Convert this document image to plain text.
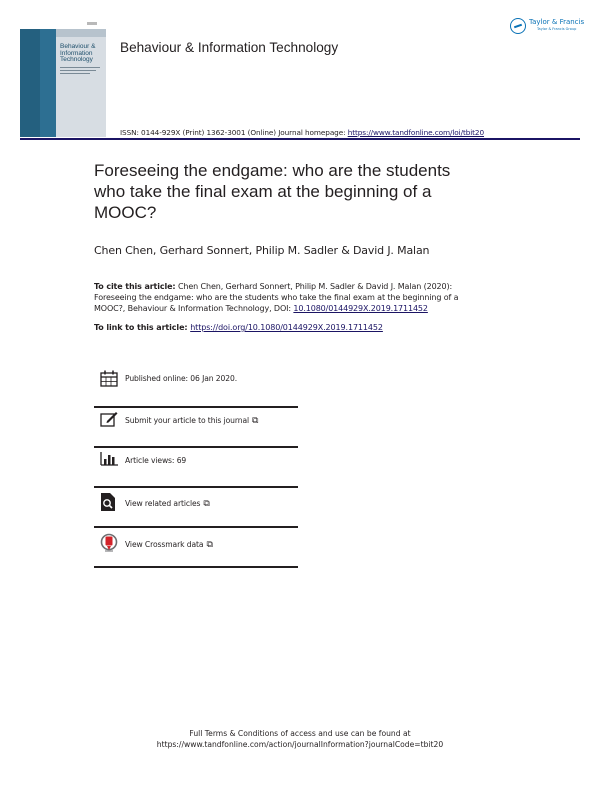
Behaviour &
Information
Technology
Behaviour & Information Technology
Taylor & Francis
Taylor & Francis Group
ISSN: 0144-929X (Print) 1362-3001 (Online) Journal homepage: https://www.tandfonline.com/loi/tbit20
Foreseeing the endgame: who are the students
who take the final exam at the beginning of a
MOOC?
Chen Chen, Gerhard Sonnert, Philip M. Sadler & David J. Malan
To cite this article: Chen Chen, Gerhard Sonnert, Philip M. Sadler & David J. Malan (2020):
Foreseeing the endgame: who are the students who take the final exam at the beginning of a
MOOC?, Behaviour & Information Technology, DOI: 10.1080/0144929X.2019.1711452
To link to this article: https://doi.org/10.1080/0144929X.2019.1711452
Published online: 06 Jan 2020.
Submit your article to this journal ⧉
Article views: 69
View related articles ⧉
View Crossmark data ⧉
Full Terms & Conditions of access and use can be found at
https://www.tandfonline.com/action/journalInformation?journalCode=tbit20
